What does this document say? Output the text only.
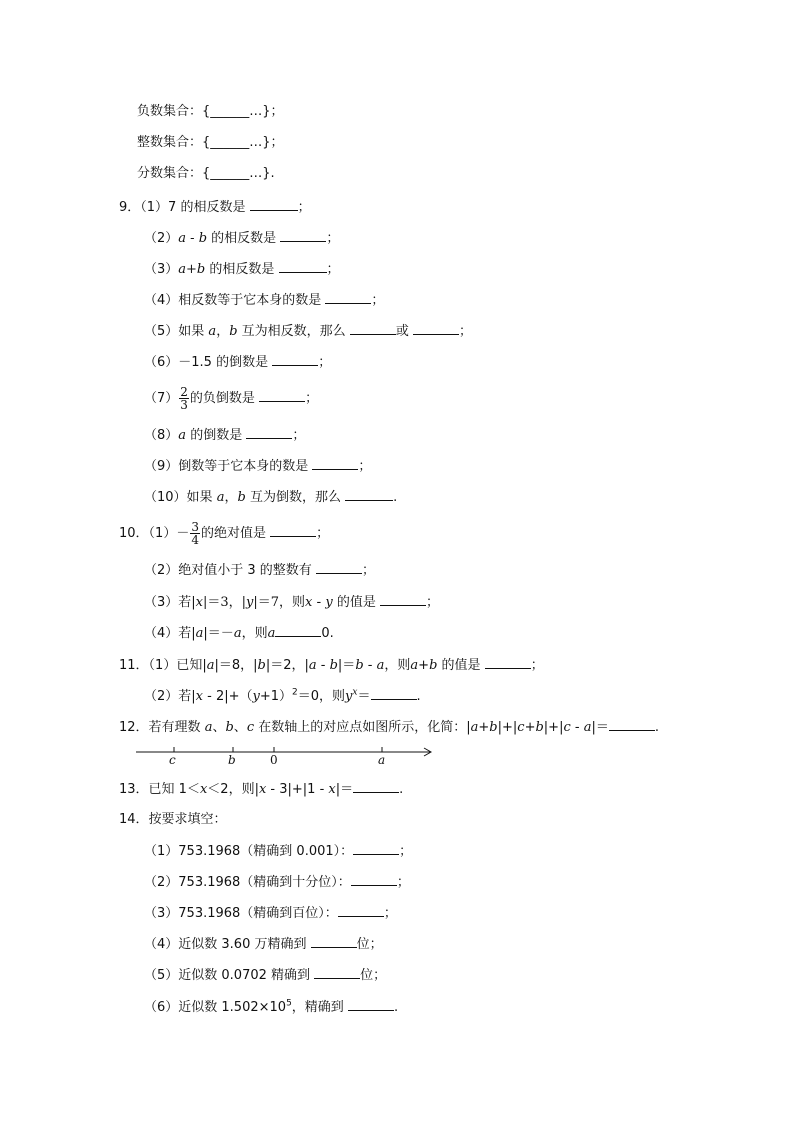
负数集合：{______…}；
整数集合：{______…}；
分数集合：{______…}.
9．（1）7 的相反数是	；
（2）a - b 的相反数是	；
（3）a+b 的相反数是	；
（4）相反数等于它本身的数是	；
（5）如果 a，b 互为相反数，那么	或	；
（6）－1.5 的倒数是	；
$(7) \frac{2}{3}$ 的负倒数是	；
（8）a 的倒数是	；
（9）倒数等于它本身的数是	；
（10）如果 a，b 互为倒数，那么	.
10．$(1)- \frac{3}{4}$ 的绝对值是	；
（2）绝对值小于 3 的整数有	；
（3）若|x|＝3，|y|＝7，则x - y 的值是	；
（4）若|a|＝－a，则a	0.
11．（1）已知|a|＝8，|b|＝2，|a - b|＝b - a，则a+b 的值是	；
（2）若$|x - 2|+(y+1)^2=0$，则$y^x=$	.
12．若有理数 a、b、c 在数轴上的对应点如图所示，化简：|a+b|+|c+b|+|c - a|＝	.
c	b	0	a
13．已知 1＜x＜2，则|x - 3|+|1 - x|＝	.
14．按要求填空：
（1）753.1968（精确到 0.001）：	；
（2）753.1968（精确到十分位）：	；
（3）753.1968（精确到百位）：	；
（4）近似数 3.60 万精确到	位；
（5）近似数 0.0702 精确到	位；
（6）近似数 $1.502\times 10^5$，精确到	.
